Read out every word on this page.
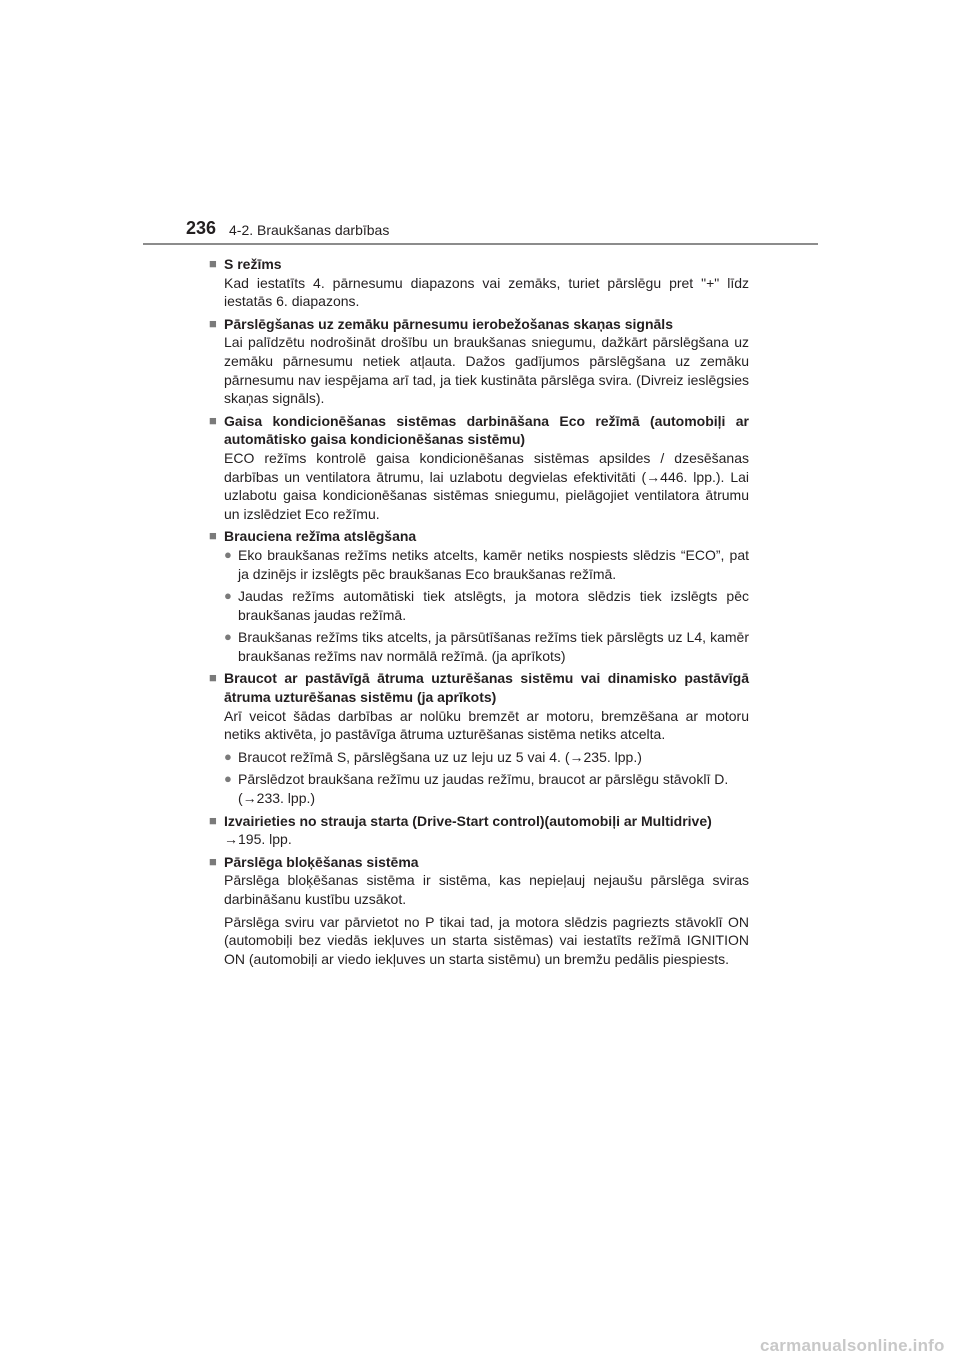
236 4-2. Braukšanas darbības
■ S režīms
Kad iestatīts 4. pārnesumu diapazons vai zemāks, turiet pārslēgu pret "+" līdz iestatās 6. diapazons.
■ Pārslēgšanas uz zemāku pārnesumu ierobežošanas skaņas signāls
Lai palīdzētu nodrošināt drošību un braukšanas sniegumu, dažkārt pārslēgšana uz zemāku pārnesumu netiek atļauta. Dažos gadījumos pārslēgšana uz zemāku pārnesumu nav iespējama arī tad, ja tiek kustināta pārslēga svira. (Divreiz ieslēgsies skaņas signāls).
■ Gaisa kondicionēšanas sistēmas darbināšana Eco režīmā (automobiļi ar automātisko gaisa kondicionēšanas sistēmu)
ECO režīms kontrolē gaisa kondicionēšanas sistēmas apsildes / dzesēšanas darbības un ventilatora ātrumu, lai uzlabotu degvielas efektivitāti (→446. lpp.). Lai uzlabotu gaisa kondicionēšanas sistēmas sniegumu, pielāgojiet ventilatora ātrumu un izslēdziet Eco režīmu.
■ Brauciena režīma atslēgšana
● Eko braukšanas režīms netiks atcelts, kamēr netiks nospiests slēdzis “ECO”, pat ja dzinējs ir izslēgts pēc braukšanas Eco braukšanas režīmā.
● Jaudas režīms automātiski tiek atslēgts, ja motora slēdzis tiek izslēgts pēc braukšanas jaudas režīmā.
● Braukšanas režīms tiks atcelts, ja pārsūtīšanas režīms tiek pārslēgts uz L4, kamēr braukšanas režīms nav normālā režīmā. (ja aprīkots)
■ Braucot ar pastāvīgā ātruma uzturēšanas sistēmu vai dinamisko pastāvīgā ātruma uzturēšanas sistēmu (ja aprīkots)
Arī veicot šādas darbības ar nolūku bremzēt ar motoru, bremzēšana ar motoru netiks aktivēta, jo pastāvīga ātruma uzturēšanas sistēma netiks atcelta.
● Braucot režīmā S, pārslēgšana uz uz leju uz 5 vai 4. (→235. lpp.)
● Pārslēdzot braukšana režīmu uz jaudas režīmu, braucot ar pārslēgu stāvoklī D.
(→233. lpp.)
■ Izvairieties no strauja starta (Drive-Start control)(automobiļi ar Multidrive)
→195. lpp.
■ Pārslēga bloķēšanas sistēma
Pārslēga bloķēšanas sistēma ir sistēma, kas nepieļauj nejaušu pārslēga sviras darbināšanu kustību uzsākot.
Pārslēga sviru var pārvietot no P tikai tad, ja motora slēdzis pagriezts stāvoklī ON (automobiļi bez viedās iekļuves un starta sistēmas) vai iestatīts režīmā IGNITION ON (automobiļi ar viedo iekļuves un starta sistēmu) un bremžu pedālis piespiests.
carmanualsonline.info
